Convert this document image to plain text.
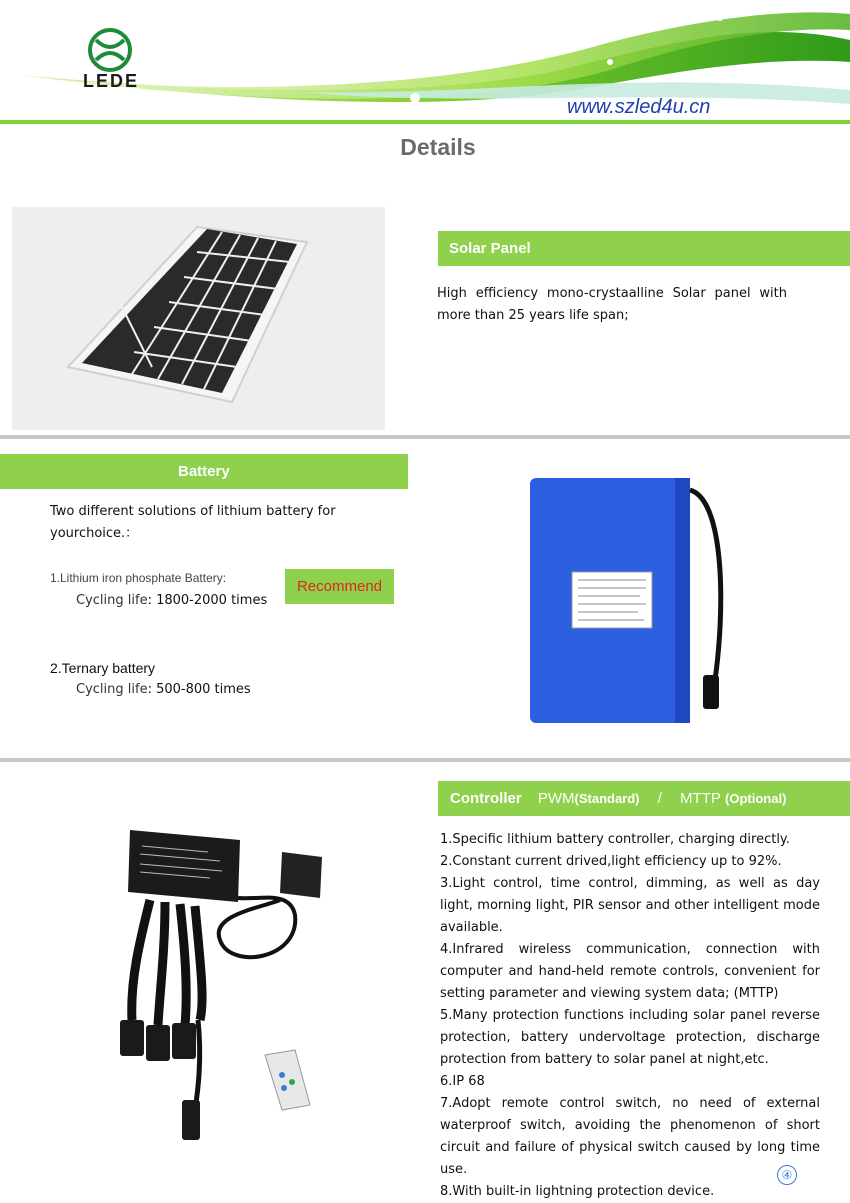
LEDE
www.szled4u.cn
Details
Solar Panel
High efficiency mono-crystaalline Solar panel with more than 25 years life span;
Battery
Two different solutions of lithium battery for yourchoice.：
1.Lithium iron phosphate Battery:
Cycling life: 1800-2000 times
Recommend
2.Ternary battery
Cycling life: 500-800 times
Controller PWM(Standard) / MTTP (Optional)
1.Specific lithium battery controller, charging directly.
2.Constant current drived,light efficiency up to 92%.
3.Light control, time control, dimming, as well as day light, morning light, PIR sensor and other intelligent mode available.
4.Infrared wireless communication, connection with computer and hand-held remote controls, convenient for setting parameter and viewing system data; (MTTP)
5.Many protection functions including solar panel reverse protection, battery undervoltage protection, discharge protection from battery to solar panel at night,etc.
6.IP 68
7.Adopt remote control switch, no need of external waterproof switch, avoiding the phenomenon of short circuit and failure of physical switch caused by long time use.
8.With built-in lightning protection device.
④
